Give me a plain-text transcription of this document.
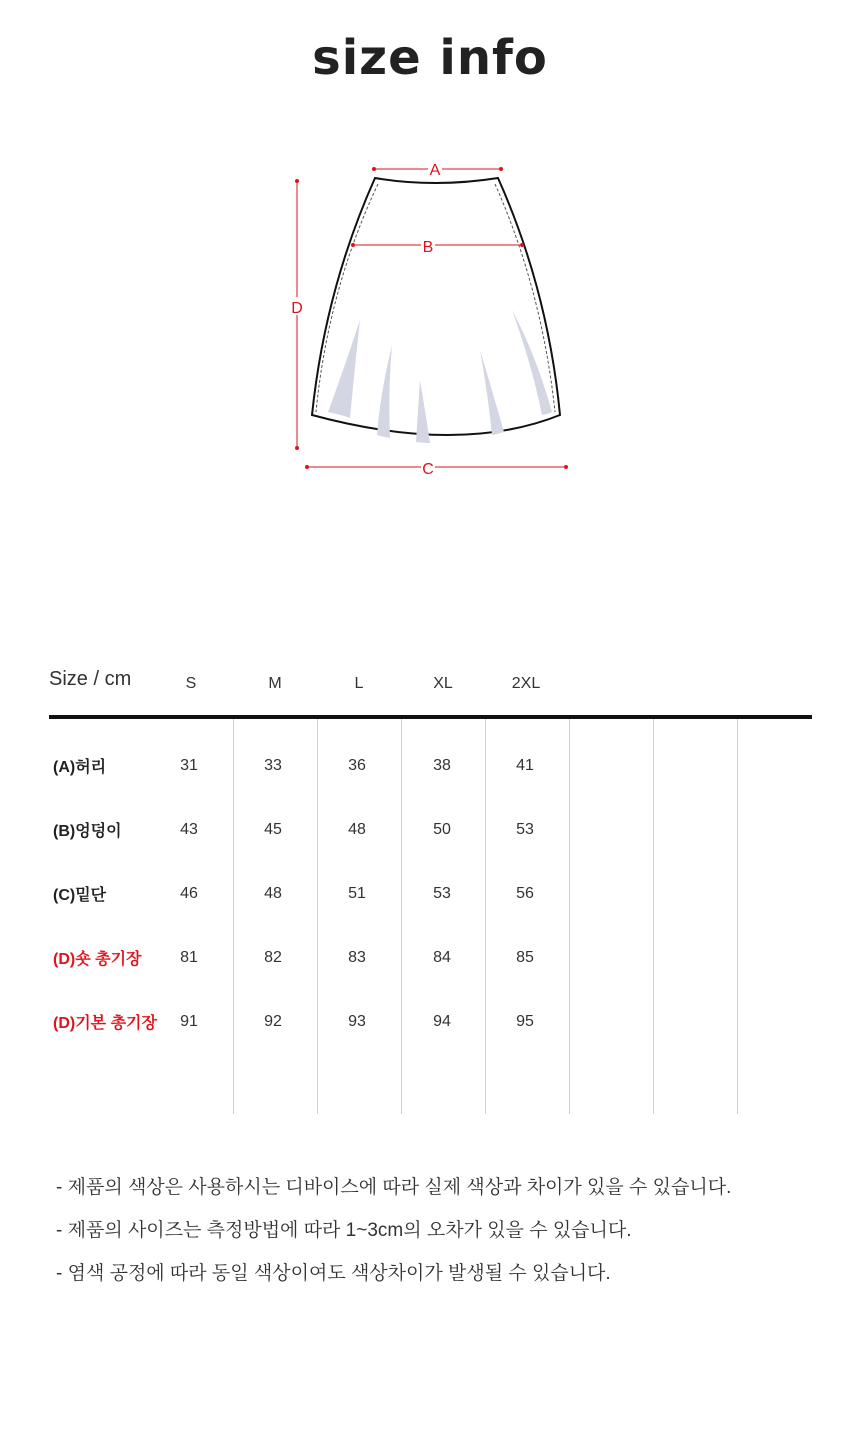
size info
A
B
C
D
Size / cm	S	M	L	XL	2XL
(A)허리	31	33	36	38	41
(B)엉덩이	43	45	48	50	53
(C)밑단	46	48	51	53	56
(D)숏 총기장	81	82	83	84	85
(D)기본 총기장	91	92	93	94	95
- 제품의 색상은 사용하시는 디바이스에 따라 실제 색상과 차이가 있을 수 있습니다.
- 제품의 사이즈는 측정방법에 따라 1~3cm의 오차가 있을 수 있습니다.
- 염색 공정에 따라 동일 색상이여도 색상차이가 발생될 수 있습니다.
